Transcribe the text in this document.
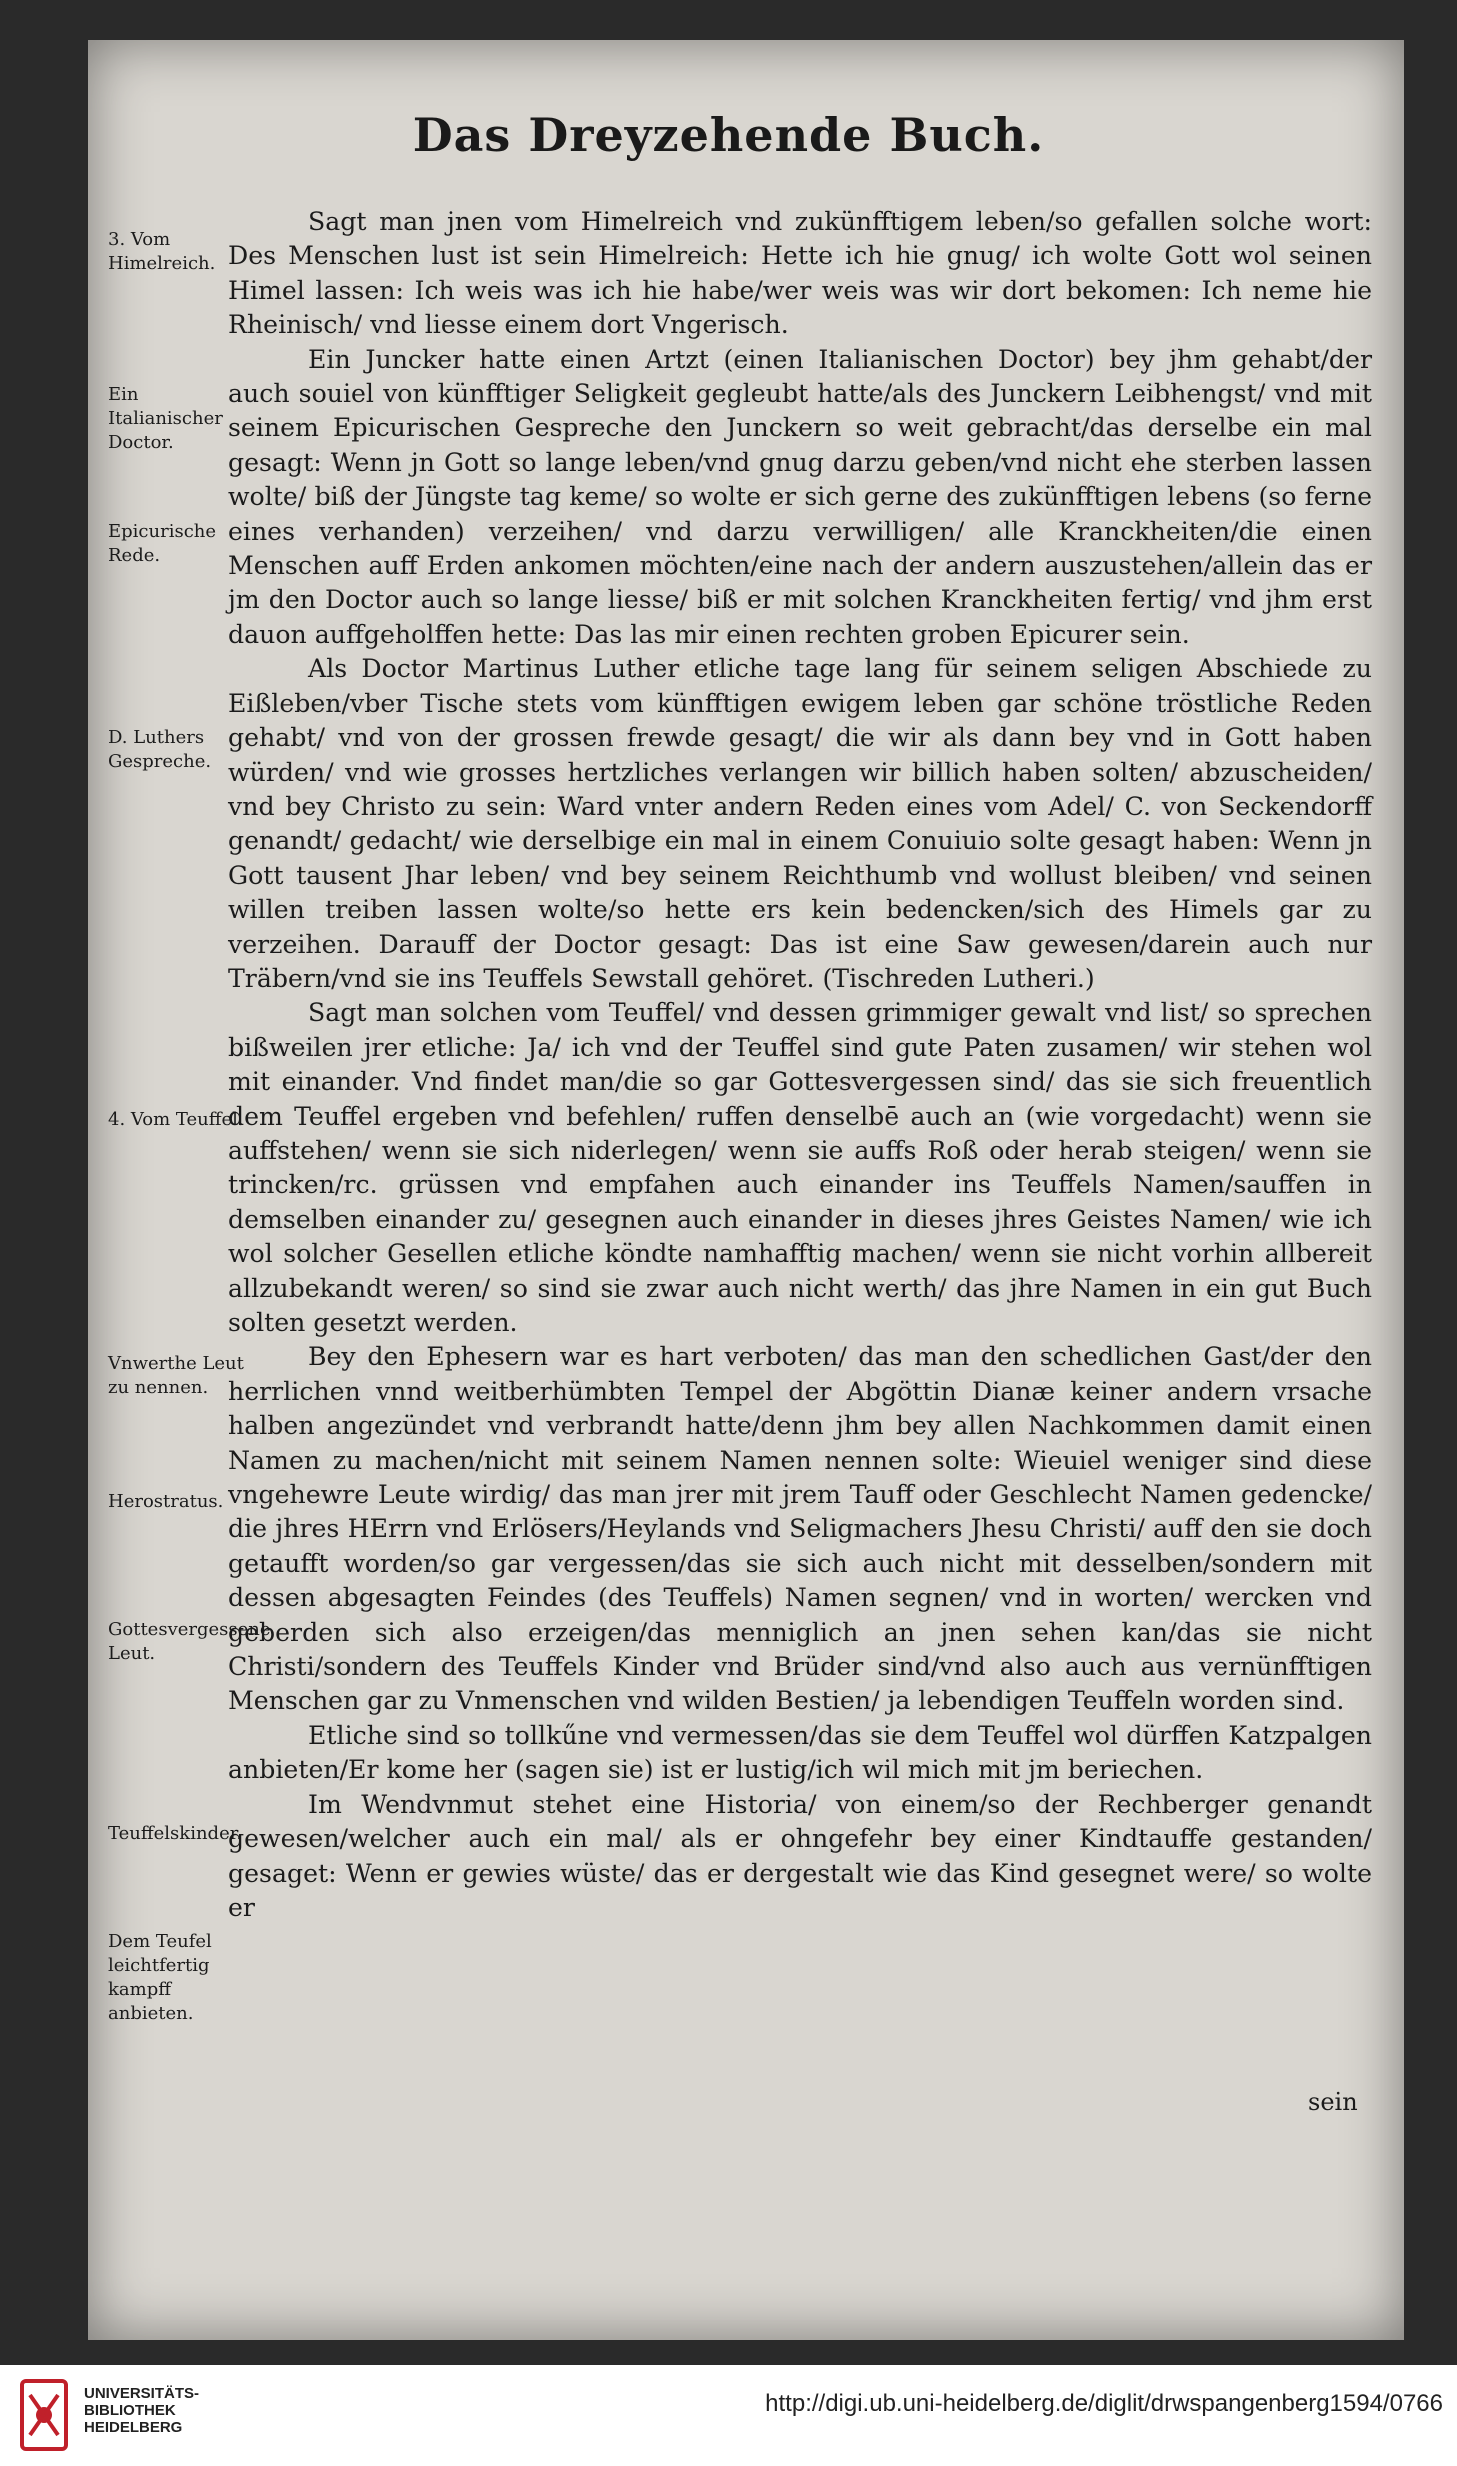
Das Dreyzehende Buch.

Sagt man jnen vom Himelreich vnd zukünfftigem leben/so gefallen solche wort: Des Menschen lust ist sein Himelreich: Hette ich hie gnug/ ich wolte Gott wol seinen Himel lassen: Ich weis was ich hie habe/wer weis was wir dort bekomen: Ich neme hie Rheinisch/ vnd liesse einem dort Vngerisch.

Ein Juncker hatte einen Artzt (einen Italianischen Doctor) bey jhm gehabt/der auch souiel von künfftiger Seligkeit gegleubt hatte/als des Junckern Leibhengst/ vnd mit seinem Epicurischen Gespreche den Junckern so weit gebracht/das derselbe ein mal gesagt: Wenn jn Gott so lange leben/vnd gnug darzu geben/vnd nicht ehe sterben lassen wolte/ biß der Jüngste tag keme/ so wolte er sich gerne des zukünfftigen lebens (so ferne eines verhanden) verzeihen/ vnd darzu verwilligen/ alle Kranckheiten/die einen Menschen auff Erden ankomen möchten/eine nach der andern auszustehen/allein das er jm den Doctor auch so lange liesse/ biß er mit solchen Kranckheiten fertig/ vnd jhm erst dauon auffgeholffen hette: Das las mir einen rechten groben Epicurer sein.

Als Doctor Martinus Luther etliche tage lang für seinem seligen Abschiede zu Eißleben/vber Tische stets vom künfftigen ewigem leben gar schöne tröstliche Reden gehabt/ vnd von der grossen frewde gesagt/ die wir als dann bey vnd in Gott haben würden/ vnd wie grosses hertzliches verlangen wir billich haben solten/ abzuscheiden/ vnd bey Christo zu sein: Ward vnter andern Reden eines vom Adel/ C. von Seckendorff genandt/ gedacht/ wie derselbige ein mal in einem Conuiuio solte gesagt haben: Wenn jn Gott tausent Jhar leben/ vnd bey seinem Reichthumb vnd wollust bleiben/ vnd seinen willen treiben lassen wolte/so hette ers kein bedencken/sich des Himels gar zu verzeihen. Darauff der Doctor gesagt: Das ist eine Saw gewesen/darein auch nur Träbern/vnd sie ins Teuffels Sewstall gehöret. (Tischreden Lutheri.)

Sagt man solchen vom Teuffel/ vnd dessen grimmiger gewalt vnd list/ so sprechen bißweilen jrer etliche: Ja/ ich vnd der Teuffel sind gute Paten zusamen/ wir stehen wol mit einander. Vnd findet man/die so gar Gottesvergessen sind/ das sie sich freuentlich dem Teuffel ergeben vnd befehlen/ ruffen denselbē auch an (wie vorgedacht) wenn sie auffstehen/ wenn sie sich niderlegen/ wenn sie auffs Roß oder herab steigen/ wenn sie trincken/rc. grüssen vnd empfahen auch einander ins Teuffels Namen/sauffen in demselben einander zu/ gesegnen auch einander in dieses jhres Geistes Namen/ wie ich wol solcher Gesellen etliche köndte namhafftig machen/ wenn sie nicht vorhin allbereit allzubekandt weren/ so sind sie zwar auch nicht werth/ das jhre Namen in ein gut Buch solten gesetzt werden.

Bey den Ephesern war es hart verboten/ das man den schedlichen Gast/der den herrlichen vnnd weitberhümbten Tempel der Abgöttin Dianæ keiner andern vrsache halben angezündet vnd verbrandt hatte/denn jhm bey allen Nachkommen damit einen Namen zu machen/nicht mit seinem Namen nennen solte: Wieuiel weniger sind diese vngehewre Leute wirdig/ das man jrer mit jrem Tauff oder Geschlecht Namen gedencke/ die jhres HErrn vnd Erlösers/Heylands vnd Seligmachers Jhesu Christi/ auff den sie doch getaufft worden/so gar vergessen/das sie sich auch nicht mit desselben/sondern mit dessen abgesagten Feindes (des Teuffels) Namen segnen/ vnd in worten/ wercken vnd geberden sich also erzeigen/das menniglich an jnen sehen kan/das sie nicht Christi/sondern des Teuffels Kinder vnd Brüder sind/vnd also auch aus vernünfftigen Menschen gar zu Vnmenschen vnd wilden Bestien/ ja lebendigen Teuffeln worden sind.

Etliche sind so tollkűne vnd vermessen/das sie dem Teuffel wol dürffen Katzpalgen anbieten/Er kome her (sagen sie) ist er lustig/ich wil mich mit jm beriechen.

Im Wendvnmut stehet eine Historia/ von einem/so der Rechberger genandt gewesen/welcher auch ein mal/ als er ohngefehr bey einer Kindtauffe gestanden/ gesaget: Wenn er gewies wüste/ das er dergestalt wie das Kind gesegnet were/ so wolte er

3. Vom Himelreich.
Ein Italianischer Doctor.
Epicurische Rede.
D. Luthers Gespreche.
4. Vom Teuffel.
Vnwerthe Leut zu nennen.
Herostratus.
Gottesvergessene Leut.
Teuffelskinder.
Dem Teufel leichtfertig kampff anbieten.
sein
UNIVERSITÄTS-
BIBLIOTHEK
HEIDELBERG
http://digi.ub.uni-heidelberg.de/diglit/drwspangenberg1594/0766
